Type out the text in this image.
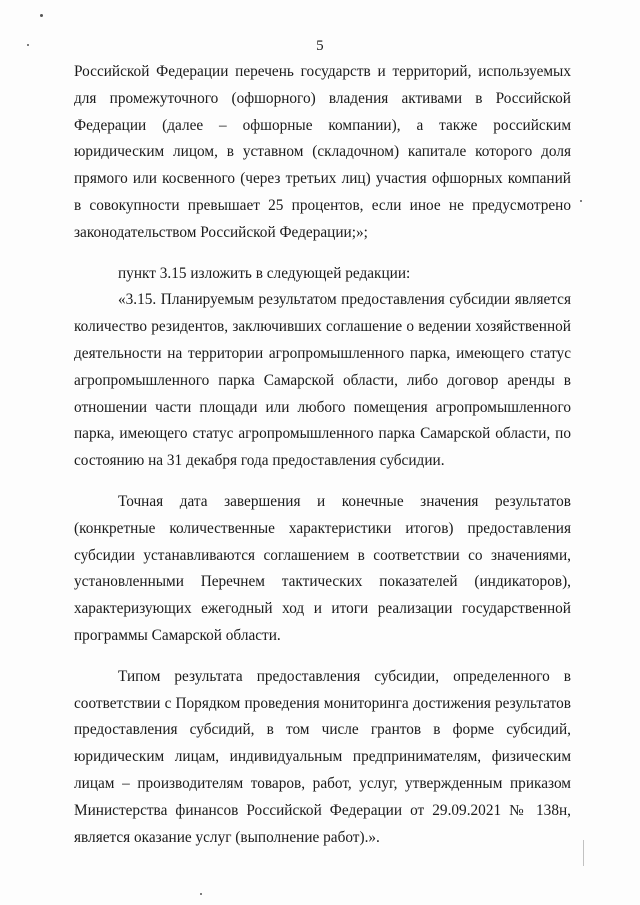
5

Российской Федерации перечень государств и территорий, используемых для промежуточного (офшорного) владения активами в Российской Федерации (далее – офшорные компании), а также российским юридическим лицом, в уставном (складочном) капитале которого доля прямого или косвенного (через третьих лиц) участия офшорных компаний в совокупности превышает 25 процентов, если иное не предусмотрено законодательством Российской Федерации;»;

пункт 3.15 изложить в следующей редакции:

«3.15. Планируемым результатом предоставления субсидии является количество резидентов, заключивших соглашение о ведении хозяйственной деятельности на территории агропромышленного парка, имеющего статус агропромышленного парка Самарской области, либо договор аренды в отношении части площади или любого помещения агропромышленного парка, имеющего статус агропромышленного парка Самарской области, по состоянию на 31 декабря года предоставления субсидии.

Точная дата завершения и конечные значения результатов (конкретные количественные характеристики итогов) предоставления субсидии устанавливаются соглашением в соответствии со значениями, установленными Перечнем тактических показателей (индикаторов), характеризующих ежегодный ход и итоги реализации государственной программы Самарской области.

Типом результата предоставления субсидии, определенного в соответствии с Порядком проведения мониторинга достижения результатов предоставления субсидий, в том числе грантов в форме субсидий, юридическим лицам, индивидуальным предпринимателям, физическим лицам – производителям товаров, работ, услуг, утвержденным приказом Министерства финансов Российской Федерации от 29.09.2021 № 138н, является оказание услуг (выполнение работ).».
